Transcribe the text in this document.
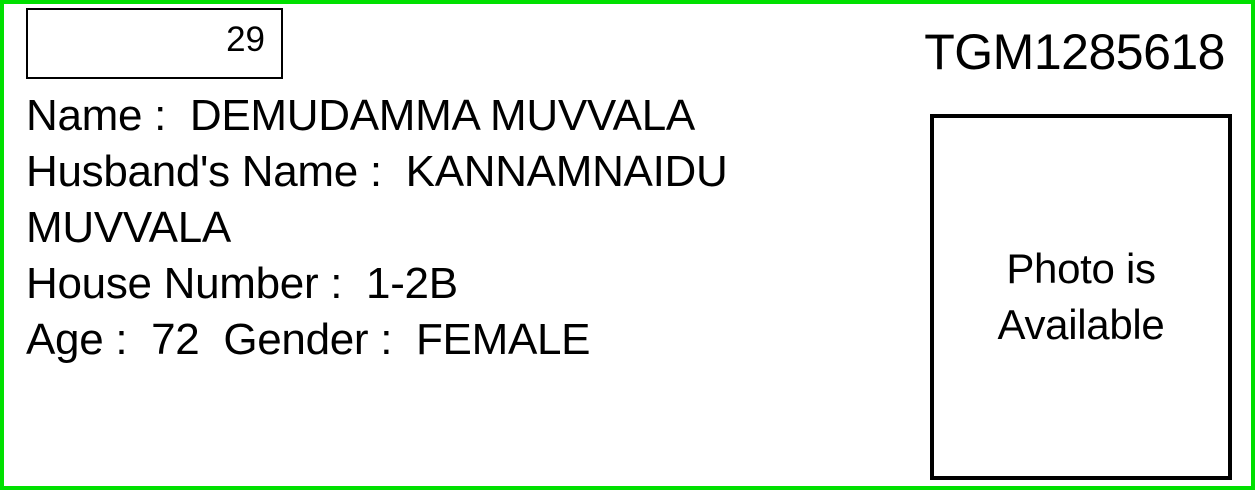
29	TGM1285618
Name :  DEMUDAMMA MUVVALA
Husband's Name :  KANNAMNAIDU
MUVVALA
House Number :  1-2B
Age :  72 Gender :  FEMALE
Photo is
Available
